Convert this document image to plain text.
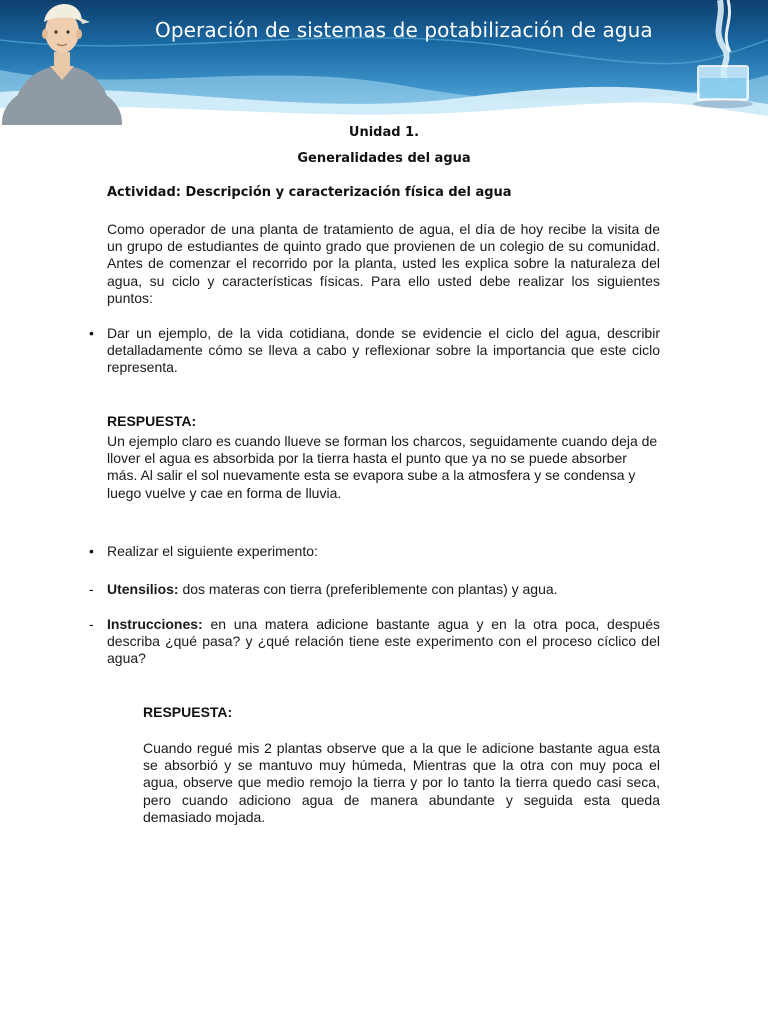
Operación de sistemas de potabilización de agua
Unidad 1.
Generalidades del agua
Actividad: Descripción y caracterización física del agua
Como operador de una planta de tratamiento de agua, el día de hoy recibe la visita de un grupo de estudiantes de quinto grado que provienen de un colegio de su comunidad. Antes de comenzar el recorrido por la planta, usted les explica sobre la naturaleza del agua, su ciclo y características físicas. Para ello usted debe realizar los siguientes puntos:
• Dar un ejemplo, de la vida cotidiana, donde se evidencie el ciclo del agua, describir detalladamente cómo se lleva a cabo y reflexionar sobre la importancia que este ciclo representa.
RESPUESTA:
Un ejemplo claro es cuando llueve se forman los charcos, seguidamente cuando deja de llover el agua es absorbida por la tierra hasta el punto que ya no se puede absorber más. Al salir el sol nuevamente esta se evapora sube a la atmosfera y se condensa y luego vuelve y cae en forma de lluvia.
• Realizar el siguiente experimento:
- Utensilios: dos materas con tierra (preferiblemente con plantas) y agua.
- Instrucciones: en una matera adicione bastante agua y en la otra poca, después describa ¿qué pasa? y ¿qué relación tiene este experimento con el proceso cíclico del agua?
RESPUESTA:
Cuando regué mis 2 plantas observe que a la que le adicione bastante agua esta se absorbió y se mantuvo muy húmeda, Mientras que la otra con muy poca el agua, observe que medio remojo la tierra y por lo tanto la tierra quedo casi seca, pero cuando adiciono agua de manera abundante y seguida esta queda demasiado mojada.
